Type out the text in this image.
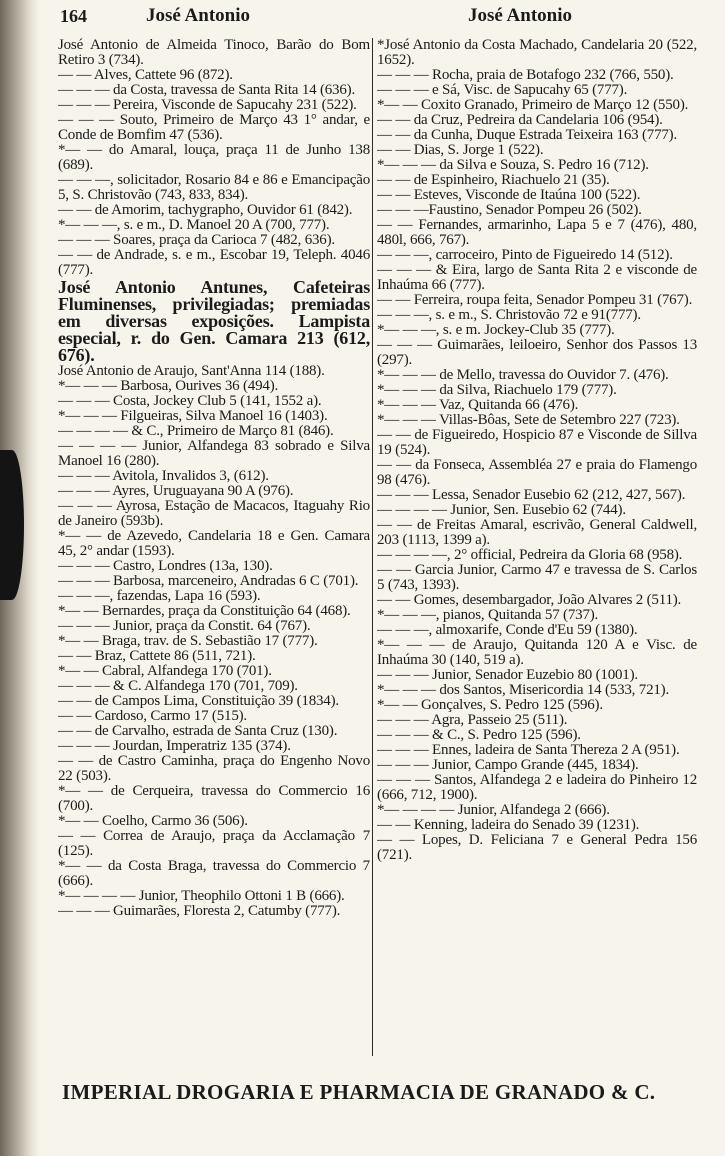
164	José Antonio	José Antonio

José Antonio de Almeida Tinoco, Barão do Bom Retiro 3 (734).

— — Alves, Cattete 96 (872).

— — — da Costa, travessa de Santa Rita 14 (636).

— — — Pereira, Visconde de Sapucahy 231 (522).

— — — Souto, Primeiro de Março 43 1° andar, e Conde de Bomfim 47 (536).

*— — do Amaral, louça, praça 11 de Junho 138 (689).

— — —, solicitador, Rosario 84 e 86 e Emancipação 5, S. Christovão (743, 833, 834).

— — de Amorim, tachygrapho, Ouvidor 61 (842).

*— — —, s. e m., D. Manoel 20 A (700, 777).

— — — Soares, praça da Carioca 7 (482, 636).

— — de Andrade, s. e m., Escobar 19, Teleph. 4046 (777).

José Antonio Antunes, Cafeteiras Fluminenses, privilegiadas; premiadas em diversas exposições. Lampista especial, r. do Gen. Camara 213 (612, 676).

José Antonio de Araujo, Sant'Anna 114 (188).

*— — — Barbosa, Ourives 36 (494).

— — — Costa, Jockey Club 5 (141, 1552 a).

*— — — Filgueiras, Silva Manoel 16 (1403).

— — — — & C., Primeiro de Março 81 (846).

— — — — Junior, Alfandega 83 sobrado e Silva Manoel 16 (280).

— — — Avitola, Invalidos 3, (612).

— — — Ayres, Uruguayana 90 A (976).

— — — Ayrosa, Estação de Macacos, Itaguahy Rio de Janeiro (593b).

*— — de Azevedo, Candelaria 18 e Gen. Camara 45, 2° andar (1593).

— — — Castro, Londres (13a, 130).

— — — Barbosa, marceneiro, Andradas 6 C (701).

— — —, fazendas, Lapa 16 (593).

*— — Bernardes, praça da Constituição 64 (468).

— — — Junior, praça da Constit. 64 (767).

*— — Braga, trav. de S. Sebastião 17 (777).

— — Braz, Cattete 86 (511, 721).

*— — Cabral, Alfandega 170 (701).

— — — & C. Alfandega 170 (701, 709).

— — de Campos Lima, Constituição 39 (1834).

— — Cardoso, Carmo 17 (515).

— — de Carvalho, estrada de Santa Cruz (130).

— — — Jourdan, Imperatriz 135 (374).

— — de Castro Caminha, praça do Engenho Novo 22 (503).

*— — de Cerqueira, travessa do Commercio 16 (700).

*— — Coelho, Carmo 36 (506).

— — Correa de Araujo, praça da Acclamação 7 (125).

*— — da Costa Braga, travessa do Commercio 7 (666).

*— — — — Junior, Theophilo Ottoni 1 B (666).

— — — Guimarães, Floresta 2, Catumby (777).

*José Antonio da Costa Machado, Candelaria 20 (522, 1652).

— — — Rocha, praia de Botafogo 232 (766, 550).

— — — e Sá, Visc. de Sapucahy 65 (777).

*— — Coxito Granado, Primeiro de Março 12 (550).

— — da Cruz, Pedreira da Candelaria 106 (954).

— — da Cunha, Duque Estrada Teixeira 163 (777).

— — Dias, S. Jorge 1 (522).

*— — — da Silva e Souza, S. Pedro 16 (712).

— — de Espinheiro, Riachuelo 21 (35).

— — Esteves, Visconde de Itaúna 100 (522).

— — —Faustino, Senador Pompeu 26 (502).

— — Fernandes, armarinho, Lapa 5 e 7 (476), 480, 480l, 666, 767).

— — —, carroceiro, Pinto de Figueiredo 14 (512).

— — — & Eira, largo de Santa Rita 2 e visconde de Inhaúma 66 (777).

— — Ferreira, roupa feita, Senador Pompeu 31 (767).

— — —, s. e m., S. Christovão 72 e 91(777).

*— — —, s. e m. Jockey-Club 35 (777).

— — — Guimarães, leiloeiro, Senhor dos Passos 13 (297).

*— — — de Mello, travessa do Ouvidor 7. (476).

*— — — da Silva, Riachuelo 179 (777).

*— — — Vaz, Quitanda 66 (476).

*— — — Villas-Bôas, Sete de Setembro 227 (723).

— — de Figueiredo, Hospicio 87 e Visconde de Sillva 19 (524).

— — da Fonseca, Assembléa 27 e praia do Flamengo 98 (476).

— — — Lessa, Senador Eusebio 62 (212, 427, 567).

— — — — Junior, Sen. Eusebio 62 (744).

— — de Freitas Amaral, escrivão, General Caldwell, 203 (1113, 1399 a).

— — — —, 2° official, Pedreira da Gloria 68 (958).

— — Garcia Junior, Carmo 47 e travessa de S. Carlos 5 (743, 1393).

— — Gomes, desembargador, João Alvares 2 (511).

*— — —, pianos, Quitanda 57 (737).

— — —, almoxarife, Conde d'Eu 59 (1380).

*— — — de Araujo, Quitanda 120 A e Visc. de Inhaúma 30 (140, 519 a).

— — — Junior, Senador Euzebio 80 (1001).

*— — — dos Santos, Misericordia 14 (533, 721).

*— — Gonçalves, S. Pedro 125 (596).

— — — Agra, Passeio 25 (511).

— — — & C., S. Pedro 125 (596).

— — — Ennes, ladeira de Santa Thereza 2 A (951).

— — — Junior, Campo Grande (445, 1834).

— — — Santos, Alfandega 2 e ladeira do Pinheiro 12 (666, 712, 1900).

*— — — — Junior, Alfandega 2 (666).

— — Kenning, ladeira do Senado 39 (1231).

— — Lopes, D. Feliciana 7 e General Pedra 156 (721).

IMPERIAL DROGARIA E PHARMACIA DE GRANADO & C.
